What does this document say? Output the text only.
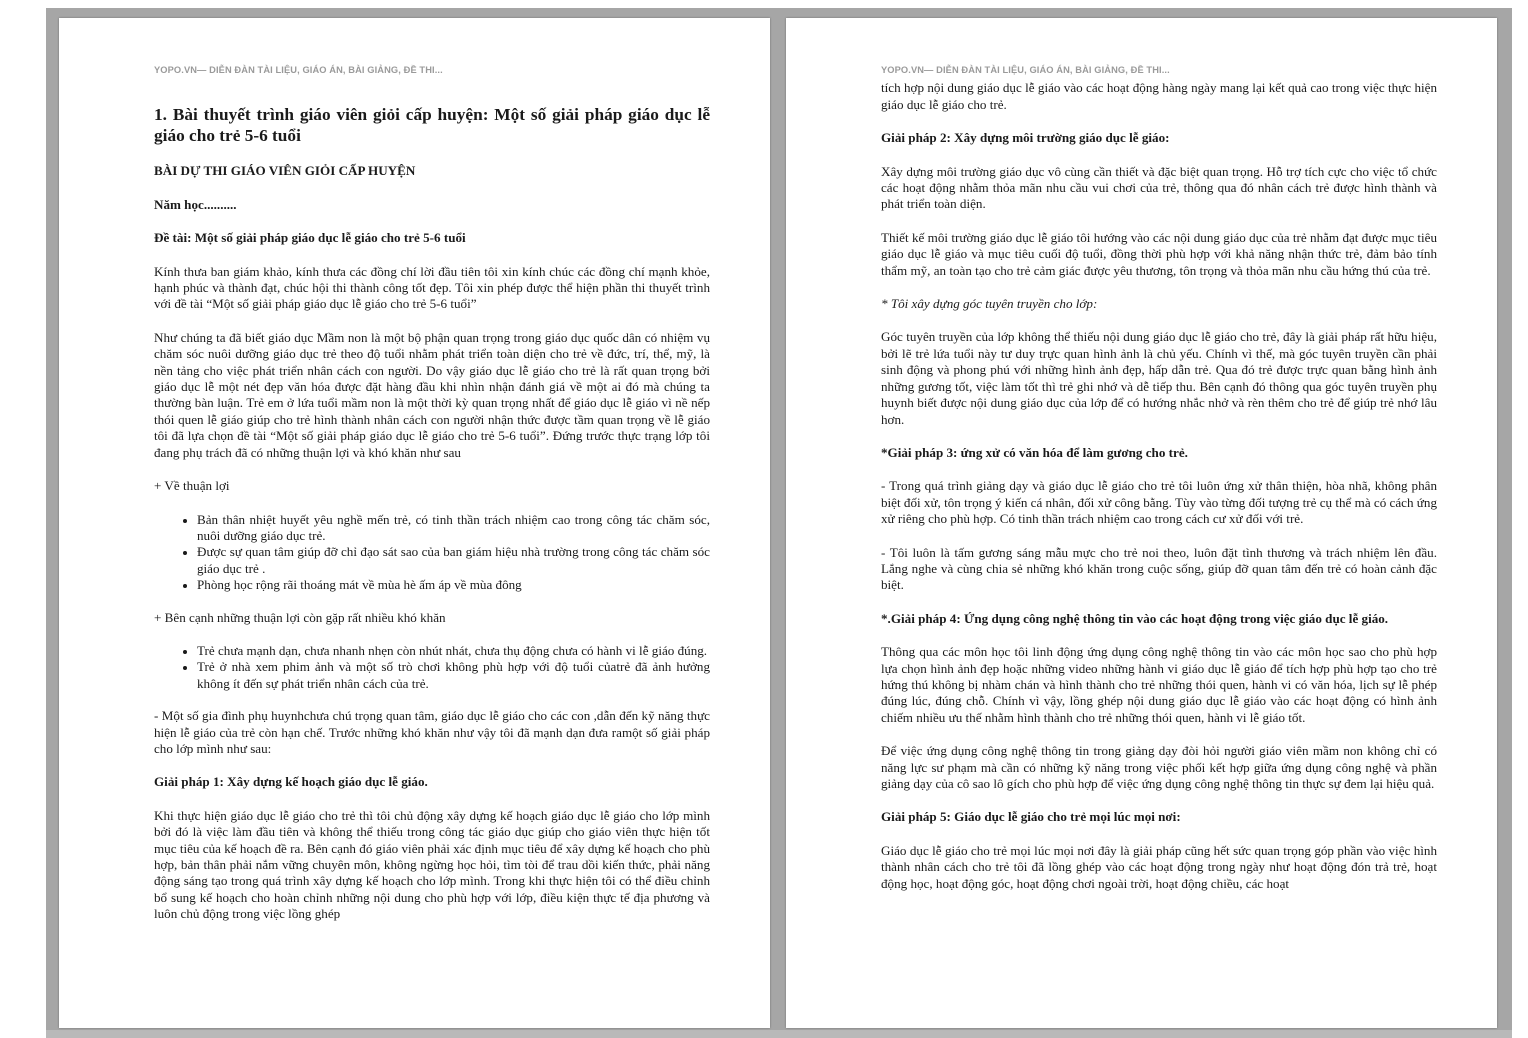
YOPO.VN— DIỄN ĐÀN TÀI LIỆU, GIÁO ÁN, BÀI GIẢNG, ĐỀ THI...
1. Bài thuyết trình giáo viên giỏi cấp huyện: Một số giải pháp giáo dục lễ giáo cho trẻ 5-6 tuổi

BÀI DỰ THI GIÁO VIÊN GIỎI CẤP HUYỆN

Năm học..........

Đề tài: Một số giải pháp giáo dục lễ giáo cho trẻ 5-6 tuổi

Kính thưa ban giám khảo, kính thưa các đồng chí lời đầu tiên tôi xin kính chúc các đồng chí mạnh khỏe, hạnh phúc và thành đạt, chúc hội thi thành công tốt đẹp. Tôi xin phép được thể hiện phần thi thuyết trình với đề tài “Một số giải pháp giáo dục lễ giáo cho trẻ 5-6 tuổi”

Như chúng ta đã biết giáo dục Mầm non là một bộ phận quan trọng trong giáo dục quốc dân có nhiệm vụ chăm sóc nuôi dưỡng giáo dục trẻ theo độ tuổi nhằm phát triển toàn diện cho trẻ về đức, trí, thể, mỹ, là nền tảng cho việc phát triển nhân cách con người. Do vậy giáo dục lễ giáo cho trẻ là rất quan trọng bởi giáo dục lễ một nét đẹp văn hóa được đặt hàng đầu khi nhìn nhận đánh giá về một ai đó mà chúng ta thường bàn luận. Trẻ em ở lứa tuổi mầm non là một thời kỳ quan trọng nhất để giáo dục lễ giáo vì nề nếp thói quen lễ giáo giúp cho trẻ hình thành nhân cách con người nhận thức được tầm quan trọng về lễ giáo tôi đã lựa chọn đề tài “Một số giải pháp giáo dục lễ giáo cho trẻ 5-6 tuổi”. Đứng trước thực trạng lớp tôi đang phụ trách đã có những thuận lợi và khó khăn như sau

+ Về thuận lợi

• Bản thân nhiệt huyết yêu nghề mến trẻ, có tinh thần trách nhiệm cao trong công tác chăm sóc, nuôi dưỡng giáo dục trẻ.
• Được sự quan tâm giúp đỡ chỉ đạo sát sao của ban giám hiệu nhà trường trong công tác chăm sóc giáo dục trẻ .
• Phòng học rộng rãi thoáng mát về mùa hè ấm áp về mùa đông

+ Bên cạnh những thuận lợi còn gặp rất nhiều khó khăn

• Trẻ chưa mạnh dạn, chưa nhanh nhẹn còn nhút nhát, chưa thụ động chưa có hành vi lễ giáo đúng.
• Trẻ ở nhà xem phim ảnh và một số trò chơi không phù hợp với độ tuổi củatrẻ đã ảnh hưởng không ít đến sự phát triển nhân cách của trẻ.

- Một số gia đình phụ huynhchưa chú trọng quan tâm, giáo dục lễ giáo cho các con ,dẫn đến kỹ năng thực hiện lễ giáo của trẻ còn hạn chế. Trước những khó khăn như vậy tôi đã mạnh dạn đưa ramột số giải pháp cho lớp mình như sau:

Giải pháp 1: Xây dựng kế hoạch giáo dục lễ giáo.

Khi thực hiện giáo dục lễ giáo cho trẻ thì tôi chủ động xây dựng kế hoạch giáo dục lễ giáo cho lớp mình bởi đó là việc làm đầu tiên và không thể thiếu trong công tác giáo dục giúp cho giáo viên thực hiện tốt mục tiêu của kế hoạch đề ra. Bên cạnh đó giáo viên phải xác định mục tiêu để xây dựng kế hoạch cho phù hợp, bản thân phải nắm vững chuyên môn, không ngừng học hỏi, tìm tòi để trau dồi kiến thức, phải năng động sáng tạo trong quá trình xây dựng kế hoạch cho lớp mình. Trong khi thực hiện tôi có thể điều chỉnh bổ sung kế hoạch cho hoàn chỉnh những nội dung cho phù hợp với lớp, điều kiện thực tế địa phương và luôn chủ động trong việc lồng ghép

YOPO.VN— DIỄN ĐÀN TÀI LIỆU, GIÁO ÁN, BÀI GIẢNG, ĐỀ THI...

tích hợp nội dung giáo dục lễ giáo vào các hoạt động hàng ngày mang lại kết quả cao trong việc thực hiện giáo dục lễ giáo cho trẻ.

Giải pháp 2: Xây dựng môi trường giáo dục lễ giáo:

Xây dựng môi trường giáo dục vô cùng cần thiết và đặc biệt quan trọng. Hỗ trợ tích cực cho việc tổ chức các hoạt động nhằm thỏa mãn nhu cầu vui chơi của trẻ, thông qua đó nhân cách trẻ được hình thành và phát triển toàn diện.

Thiết kế môi trường giáo dục lễ giáo tôi hướng vào các nội dung giáo dục của trẻ nhằm đạt được mục tiêu giáo dục lễ giáo và mục tiêu cuối độ tuổi, đồng thời phù hợp với khả năng nhận thức trẻ, đảm bảo tính thẩm mỹ, an toàn tạo cho trẻ cảm giác được yêu thương, tôn trọng và thỏa mãn nhu cầu hứng thú của trẻ.

* Tôi xây dựng góc tuyên truyền cho lớp:

Góc tuyên truyền của lớp không thể thiếu nội dung giáo dục lễ giáo cho trẻ, đây là giải pháp rất hữu hiệu, bởi lẽ trẻ lứa tuổi này tư duy trực quan hình ảnh là chủ yếu. Chính vì thế, mà góc tuyên truyền cần phải sinh động và phong phú với những hình ảnh đẹp, hấp dẫn trẻ. Qua đó trẻ được trực quan bằng hình ảnh những gương tốt, việc làm tốt thì trẻ ghi nhớ và dễ tiếp thu. Bên cạnh đó thông qua góc tuyên truyền phụ huynh biết được nội dung giáo dục của lớp để có hướng nhắc nhở và rèn thêm cho trẻ để giúp trẻ nhớ lâu hơn.

*Giải pháp 3: ứng xử có văn hóa để làm gương cho trẻ.

- Trong quá trình giảng dạy và giáo dục lễ giáo cho trẻ tôi luôn ứng xử thân thiện, hòa nhã, không phân biệt đối xử, tôn trọng ý kiến cá nhân, đối xử công bằng. Tùy vào từng đối tượng trẻ cụ thể mà có cách ứng xử riêng cho phù hợp. Có tinh thần trách nhiệm cao trong cách cư xử đối với trẻ.

- Tôi luôn là tấm gương sáng mẫu mực cho trẻ noi theo, luôn đặt tình thương và trách nhiệm lên đầu. Lắng nghe và cùng chia sẻ những khó khăn trong cuộc sống, giúp đỡ quan tâm đến trẻ có hoàn cảnh đặc biệt.

*.Giải pháp 4: Ứng dụng công nghệ thông tin vào các hoạt động trong việc giáo dục lễ giáo.

Thông qua các môn học tôi linh động ứng dụng công nghệ thông tin vào các môn học sao cho phù hợp lựa chọn hình ảnh đẹp hoặc những video những hành vi giáo dục lễ giáo để tích hợp phù hợp tạo cho trẻ hứng thú không bị nhàm chán và hình thành cho trẻ những thói quen, hành vi có văn hóa, lịch sự lễ phép đúng lúc, đúng chỗ. Chính vì vậy, lồng ghép nội dung giáo dục lễ giáo vào các hoạt động có hình ảnh chiếm nhiều ưu thế nhằm hình thành cho trẻ những thói quen, hành vi lễ giáo tốt.

Để việc ứng dụng công nghệ thông tin trong giảng dạy đòi hỏi người giáo viên mầm non không chỉ có năng lực sư phạm mà cần có những kỹ năng trong việc phối kết hợp giữa ứng dụng công nghệ và phần giảng dạy của cô sao lô gích cho phù hợp để việc ứng dụng công nghệ thông tin thực sự đem lại hiệu quả.

Giải pháp 5: Giáo dục lễ giáo cho trẻ mọi lúc mọi nơi:

Giáo dục lễ giáo cho trẻ mọi lúc mọi nơi đây là giải pháp cũng hết sức quan trọng góp phần vào việc hình thành nhân cách cho trẻ tôi đã lồng ghép vào các hoạt động trong ngày như hoạt động đón trả trẻ, hoạt động học, hoạt động góc, hoạt động chơi ngoài trời, hoạt động chiều, các hoạt
